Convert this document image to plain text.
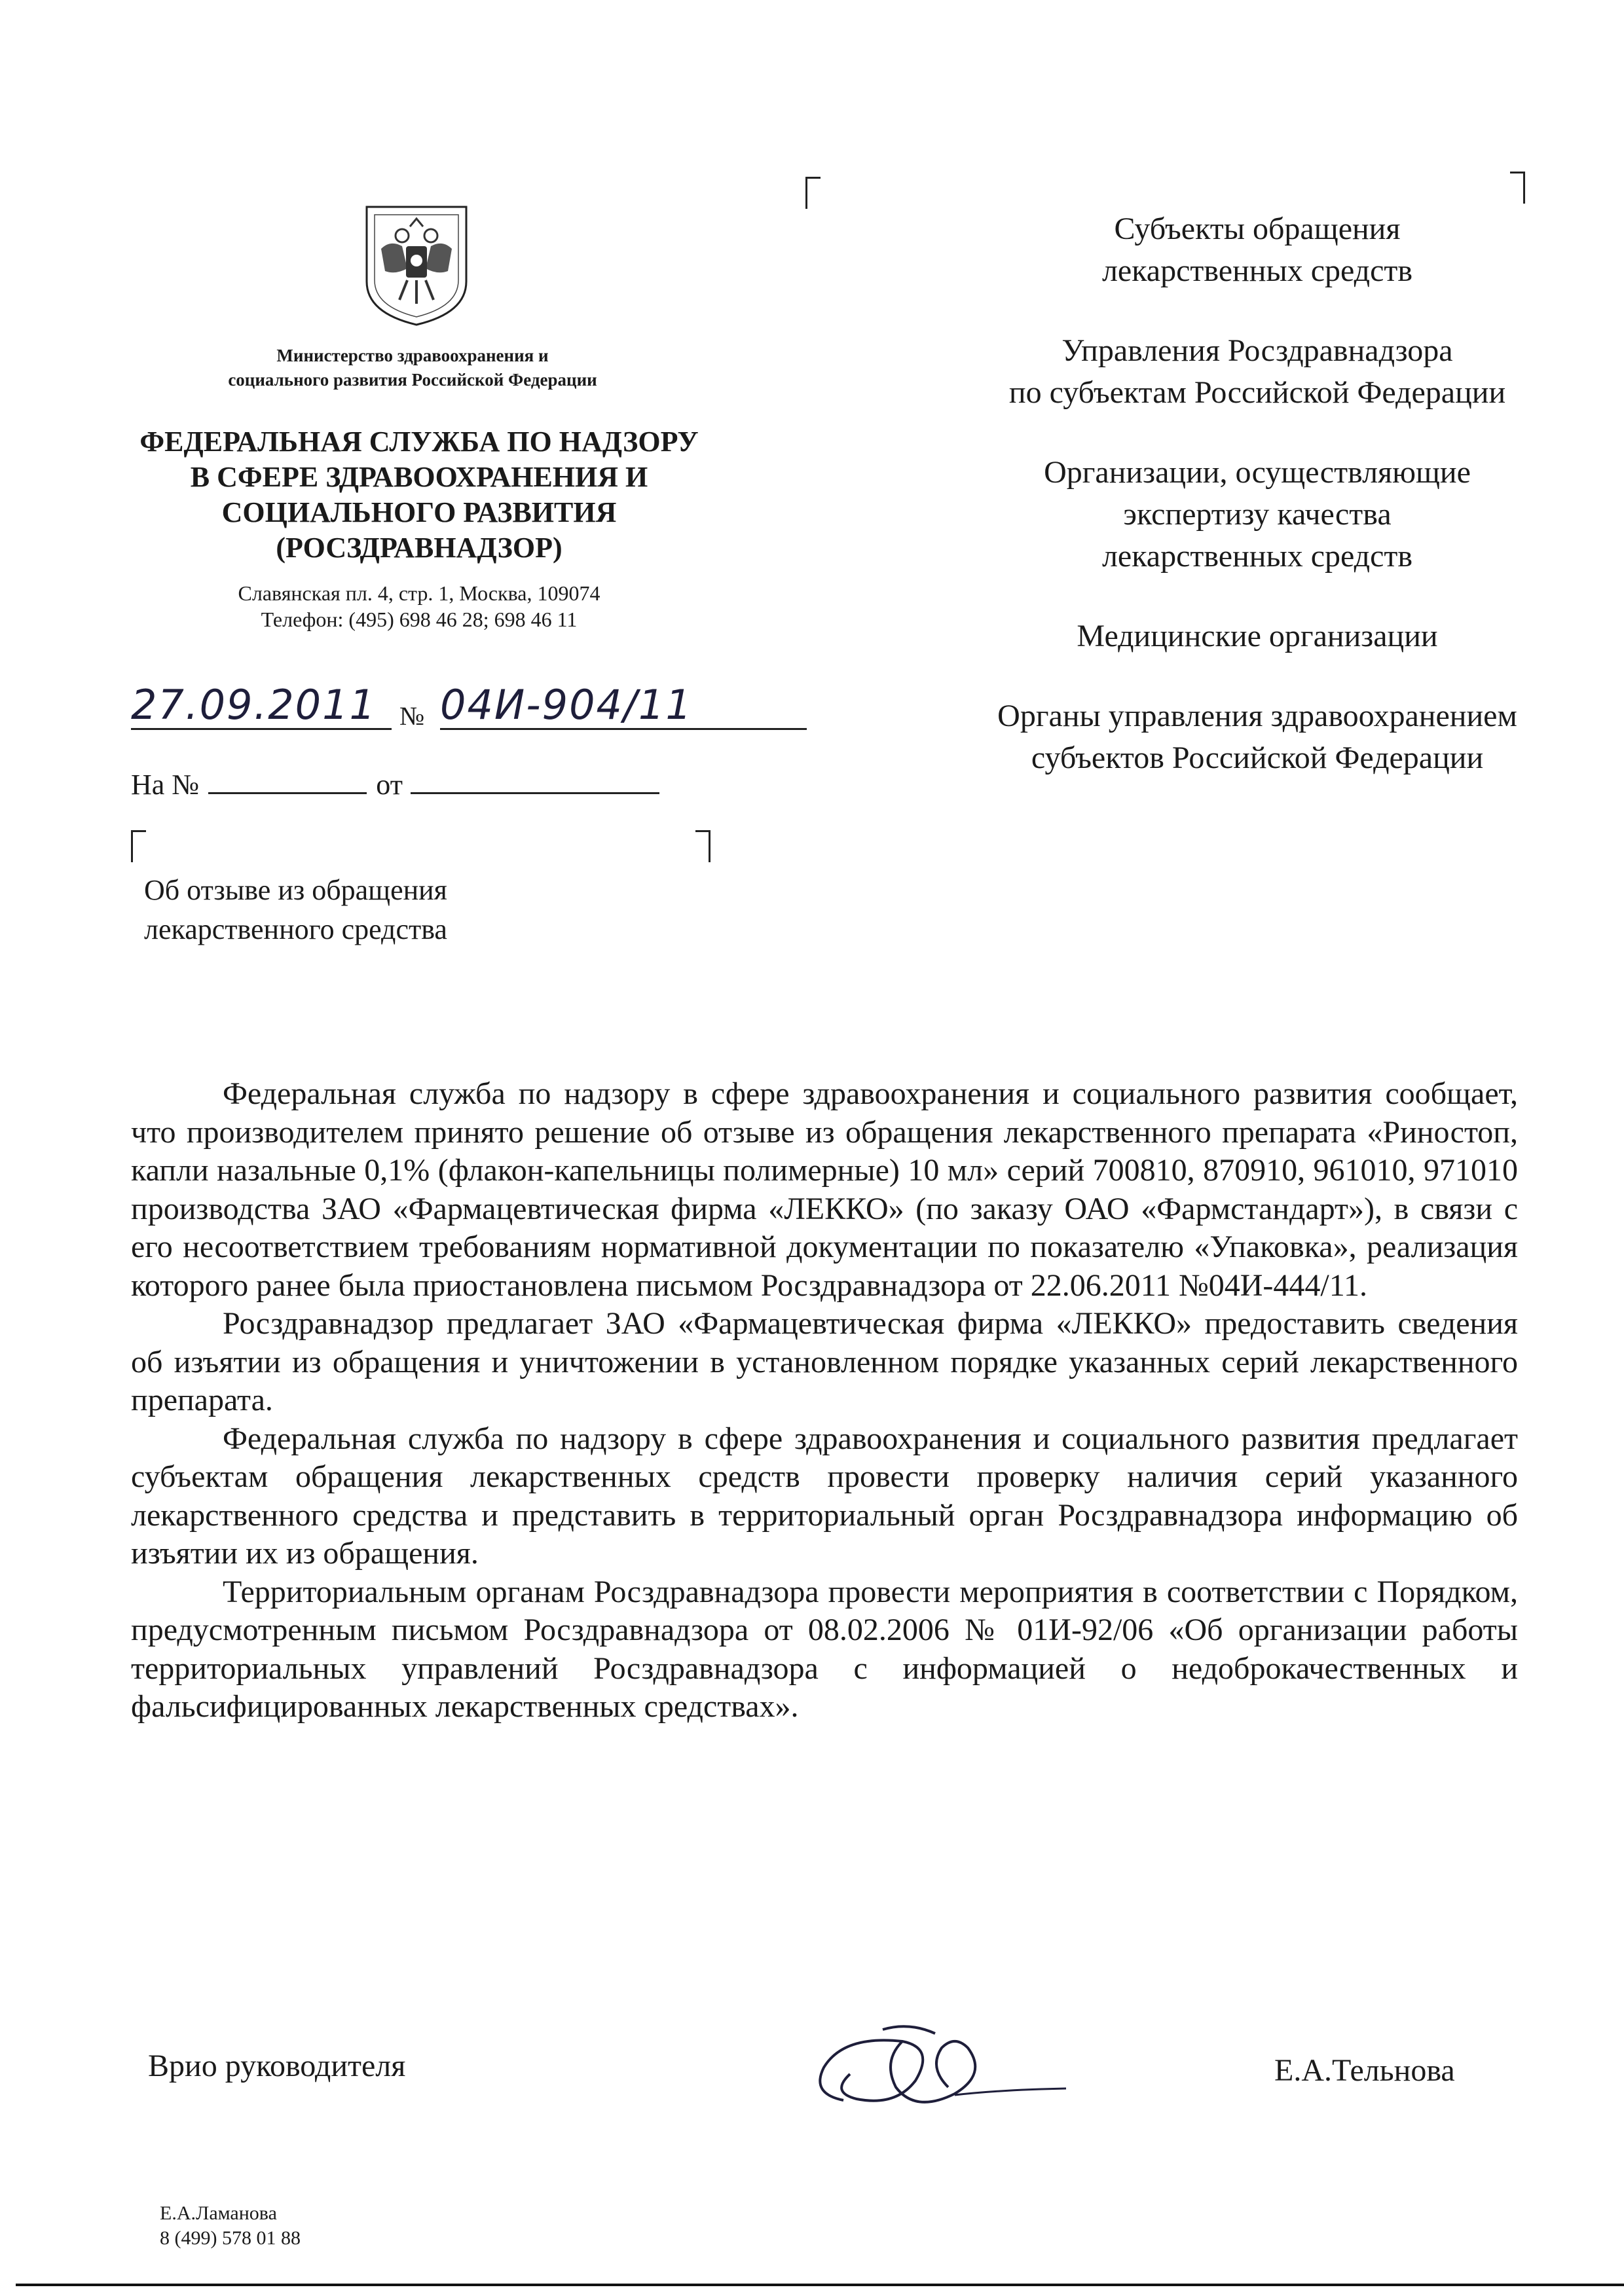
Министерство здравоохранения и
социального развития Российской Федерации
ФЕДЕРАЛЬНАЯ СЛУЖБА ПО НАДЗОРУ
В СФЕРЕ ЗДРАВООХРАНЕНИЯ И
СОЦИАЛЬНОГО РАЗВИТИЯ
(РОСЗДРАВНАДЗОР)
Славянская пл. 4, стр. 1, Москва, 109074
Телефон: (495) 698 46 28; 698 46 11
27.09.2011 № 04И-904/11
На №	от
Об отзыве из обращения
лекарственного средства
Субъекты обращения
лекарственных средств
Управления Росздравнадзора
по субъектам Российской Федерации
Организации, осуществляющие
экспертизу качества
лекарственных средств
Медицинские организации
Органы управления здравоохранением
субъектов Российской Федерации

Федеральная служба по надзору в сфере здравоохранения и социального развития сообщает, что производителем принято решение об отзыве из обращения лекарственного препарата «Риностоп, капли назальные 0,1% (флакон-капельницы полимерные) 10 мл» серий 700810, 870910, 961010, 971010 производства ЗАО «Фармацевтическая фирма «ЛЕККО» (по заказу ОАО «Фармстандарт»), в связи с его несоответствием требованиям нормативной документации по показателю «Упаковка», реализация которого ранее была приостановлена письмом Росздравнадзора от 22.06.2011 №04И-444/11.

Росздравнадзор предлагает ЗАО «Фармацевтическая фирма «ЛЕККО» предоставить сведения об изъятии из обращения и уничтожении в установленном порядке указанных серий лекарственного препарата.

Федеральная служба по надзору в сфере здравоохранения и социального развития предлагает субъектам обращения лекарственных средств провести проверку наличия серий указанного лекарственного средства и представить в территориальный орган Росздравнадзора информацию об изъятии их из обращения.

Территориальным органам Росздравнадзора провести мероприятия в соответствии с Порядком, предусмотренным письмом Росздравнадзора от 08.02.2006 № 01И-92/06 «Об организации работы территориальных управлений Росздравнадзора с информацией о недоброкачественных и фальсифицированных лекарственных средствах».

Врио руководителя	Е.А.Тельнова
Е.А.Ламанова
8 (499) 578 01 88
